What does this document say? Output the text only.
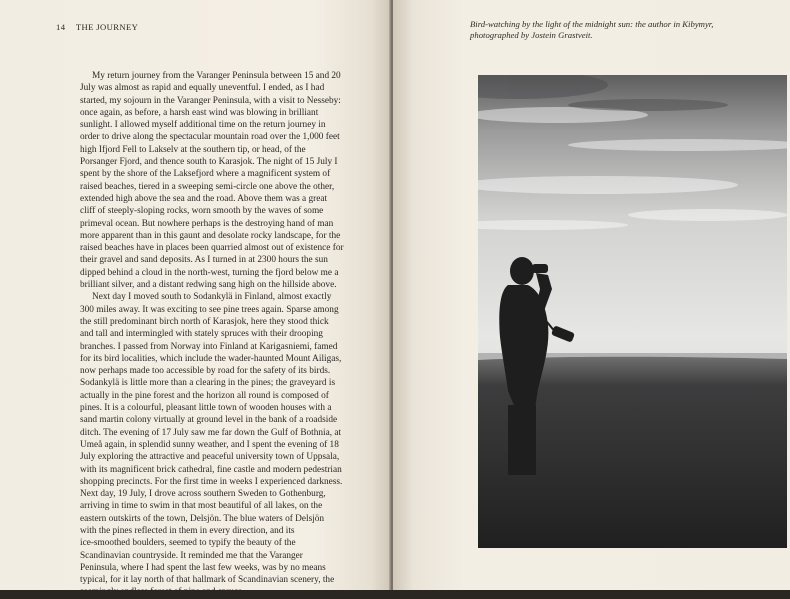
14 THE JOURNEY
My return journey from the Varanger Peninsula between 15 and 20
July was almost as rapid and equally uneventful. I ended, as I had
started, my sojourn in the Varanger Peninsula, with a visit to Nesseby:
once again, as before, a harsh east wind was blowing in brilliant
sunlight. I allowed myself additional time on the return journey in
order to drive along the spectacular mountain road over the 1,000 feet
high Ifjord Fell to Lakselv at the southern tip, or head, of the
Porsanger Fjord, and thence south to Karasjok. The night of 15 July I
spent by the shore of the Laksefjord where a magnificent system of
raised beaches, tiered in a sweeping semi-circle one above the other,
extended high above the sea and the road. Above them was a great
cliff of steeply-sloping rocks, worn smooth by the waves of some
primeval ocean. But nowhere perhaps is the destroying hand of man
more apparent than in this gaunt and desolate rocky landscape, for the
raised beaches have in places been quarried almost out of existence for
their gravel and sand deposits. As I turned in at 2300 hours the sun
dipped behind a cloud in the north-west, turning the fjord below me a
brilliant silver, and a distant redwing sang high on the hillside above.
Next day I moved south to Sodankylä in Finland, almost exactly
300 miles away. It was exciting to see pine trees again. Sparse among
the still predominant birch north of Karasjok, here they stood thick
and tall and intermingled with stately spruces with their drooping
branches. I passed from Norway into Finland at Karigasniemi, famed
for its bird localities, which include the wader-haunted Mount Ailigas,
now perhaps made too accessible by road for the safety of its birds.
Sodankylä is little more than a clearing in the pines; the graveyard is
actually in the pine forest and the horizon all round is composed of
pines. It is a colourful, pleasant little town of wooden houses with a
sand martin colony virtually at ground level in the bank of a roadside
ditch. The evening of 17 July saw me far down the Gulf of Bothnia, at
Umeå again, in splendid sunny weather, and I spent the evening of 18
July exploring the attractive and peaceful university town of Uppsala,
with its magnificent brick cathedral, fine castle and modern pedestrian
shopping precincts. For the first time in weeks I experienced darkness.
Next day, 19 July, I drove across southern Sweden to Gothenburg,
arriving in time to swim in that most beautiful of all lakes, on the
eastern outskirts of the town, Delsjön. The blue waters of Delsjön
with the pines reflected in them in every direction, and its
ice-smoothed boulders, seemed to typify the beauty of the
Scandinavian countryside. It reminded me that the Varanger
Peninsula, where I had spent the last few weeks, was by no means
typical, for it lay north of that hallmark of Scandinavian scenery, the
seemingly endless forest of pine and spruce.
Bird-watching by the light of the midnight sun: the author in Kibymyr,
photographed by Jostein Grastveit.
